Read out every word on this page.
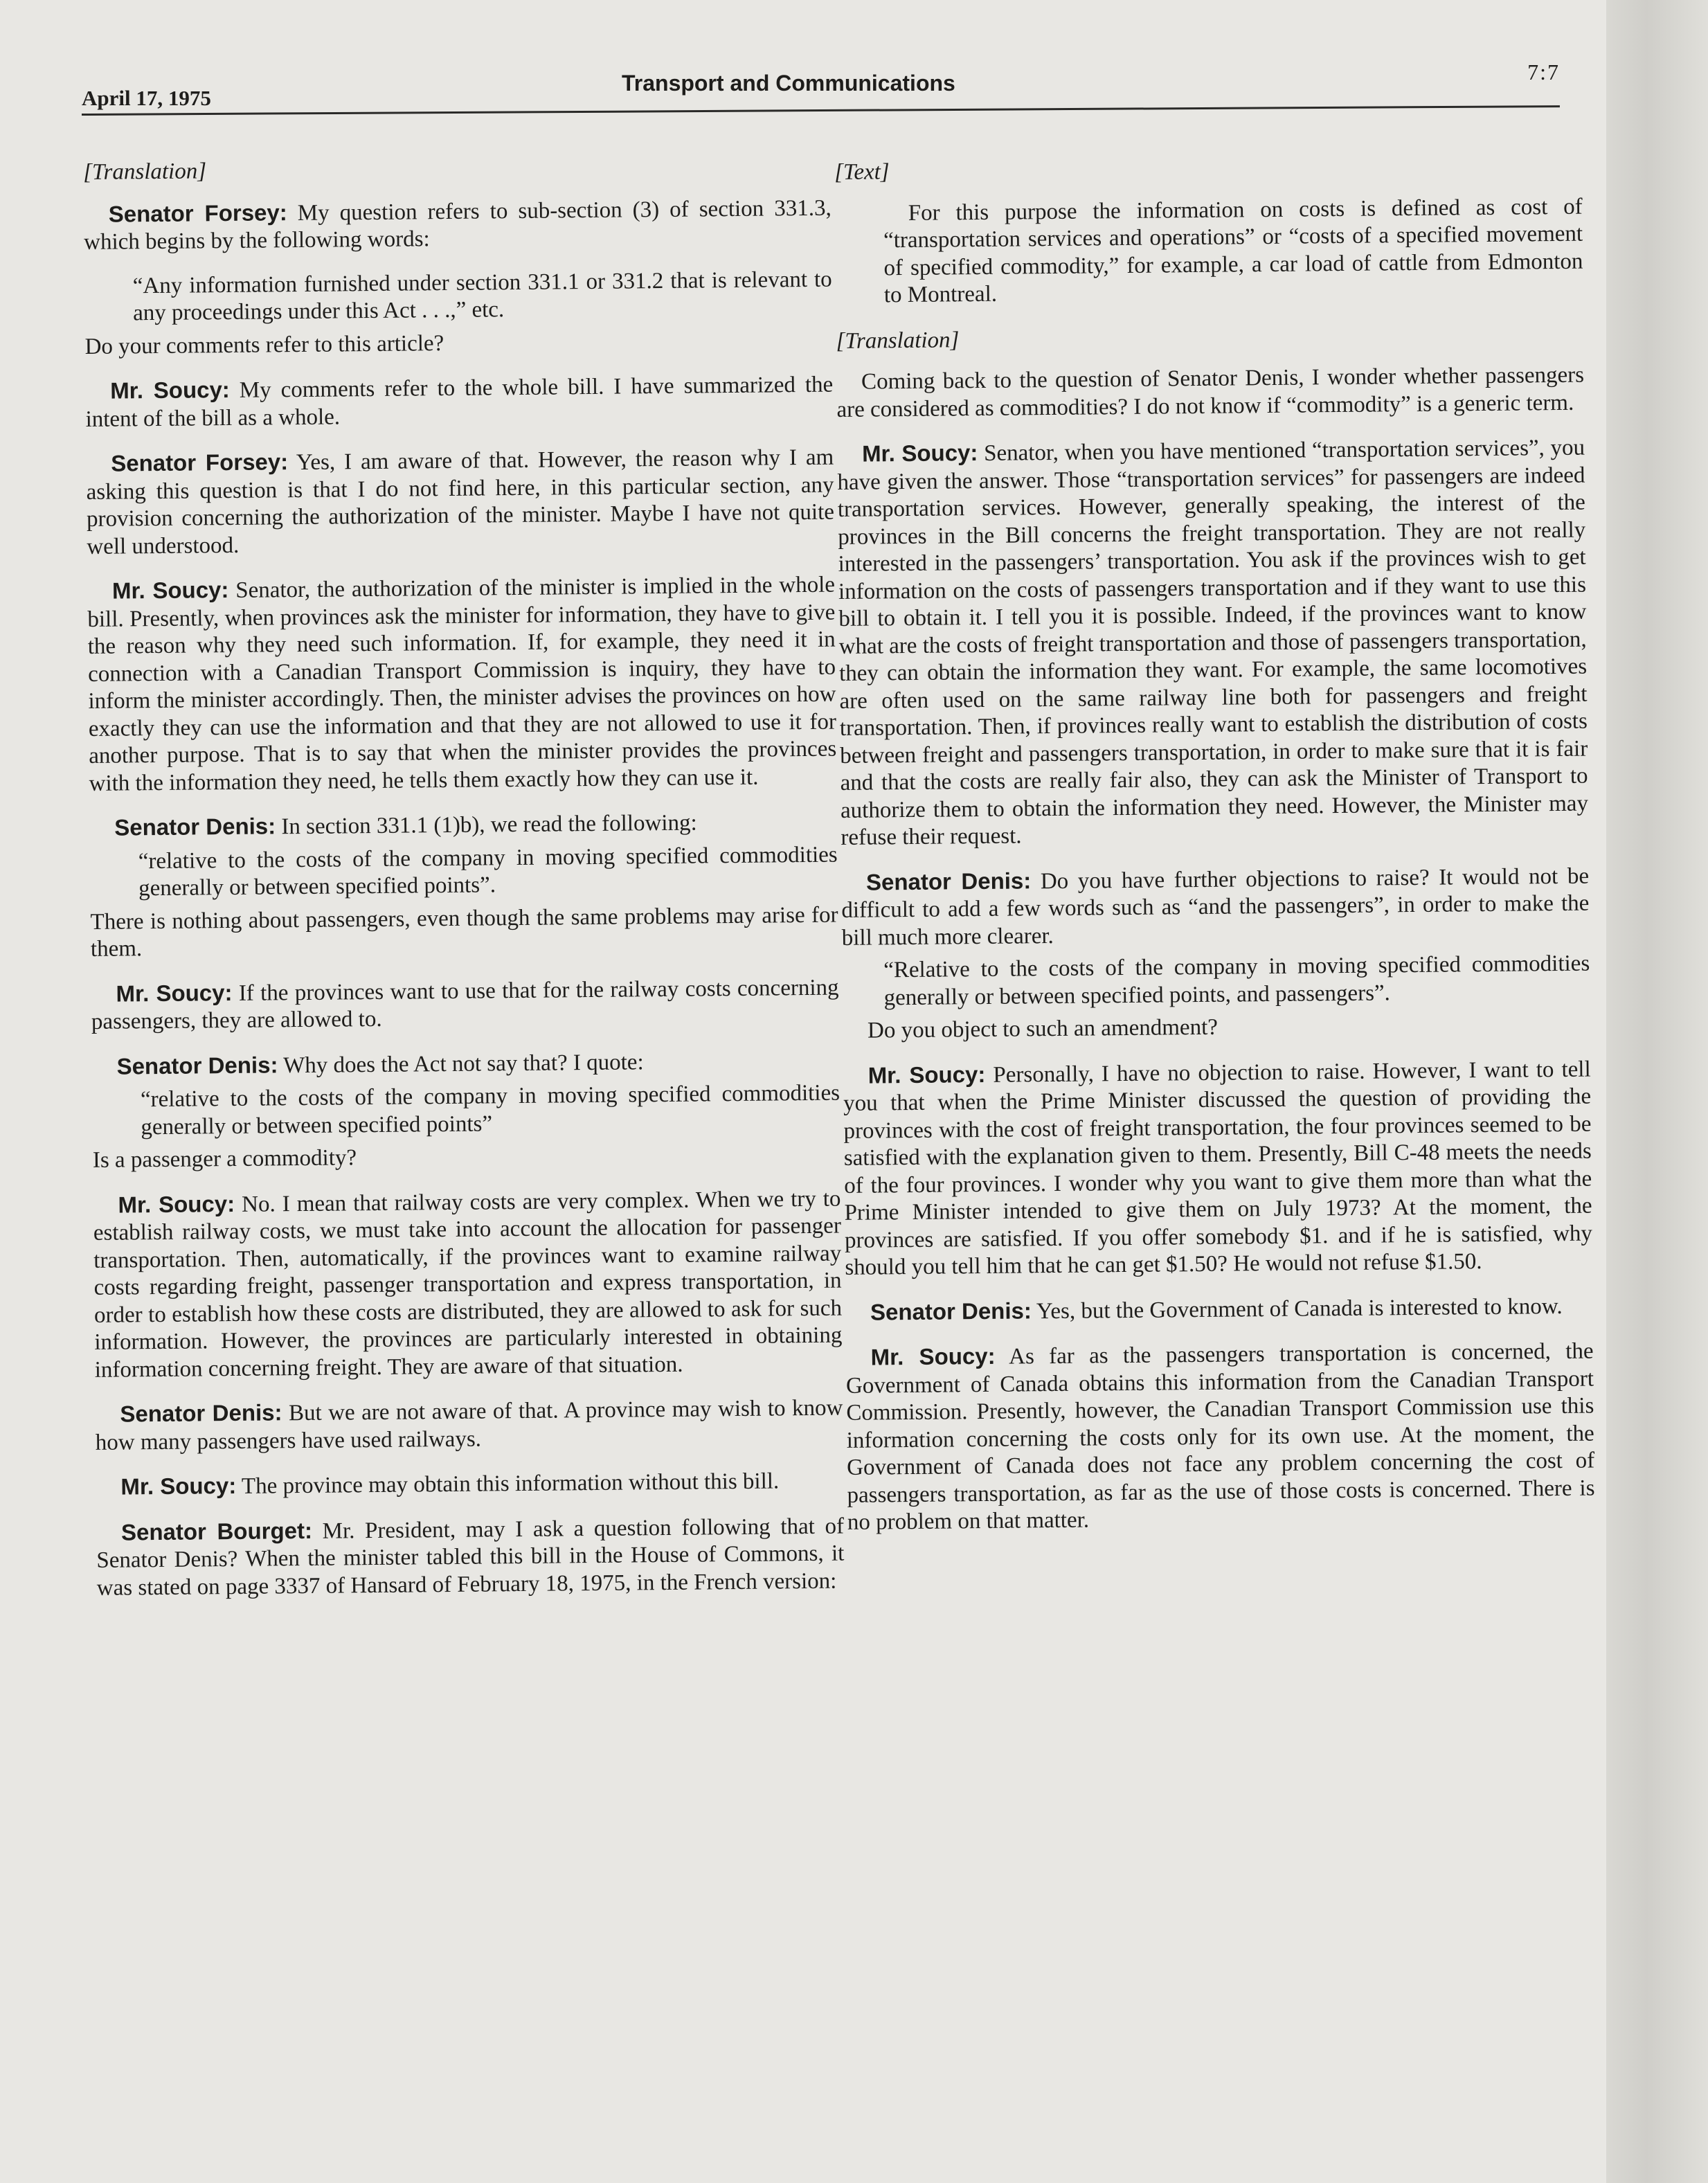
April 17, 1975
Transport and Communications	7:7
[Translation]

Senator Forsey: My question refers to sub-section (3) of section 331.3, which begins by the following words:

“Any information furnished under section 331.1 or 331.2 that is relevant to any proceedings under this Act . . .,” etc.

Do your comments refer to this article?

Mr. Soucy: My comments refer to the whole bill. I have summarized the intent of the bill as a whole.

Senator Forsey: Yes, I am aware of that. However, the reason why I am asking this question is that I do not find here, in this particular section, any provision concerning the authorization of the minister. Maybe I have not quite well understood.

Mr. Soucy: Senator, the authorization of the minister is implied in the whole bill. Presently, when provinces ask the minister for information, they have to give the reason why they need such information. If, for example, they need it in connection with a Canadian Transport Commission is inquiry, they have to inform the minister accordingly. Then, the minister advises the provinces on how exactly they can use the information and that they are not allowed to use it for another purpose. That is to say that when the minister provides the provinces with the information they need, he tells them exactly how they can use it.

Senator Denis: In section 331.1 (1)b), we read the following:

“relative to the costs of the company in moving specified commodities generally or between specified points”.

There is nothing about passengers, even though the same problems may arise for them.

Mr. Soucy: If the provinces want to use that for the railway costs concerning passengers, they are allowed to.

Senator Denis: Why does the Act not say that? I quote:

“relative to the costs of the company in moving specified commodities generally or between specified points”

Is a passenger a commodity?

Mr. Soucy: No. I mean that railway costs are very complex. When we try to establish railway costs, we must take into account the allocation for passenger transportation. Then, automatically, if the provinces want to examine railway costs regarding freight, passenger transportation and express transportation, in order to establish how these costs are distributed, they are allowed to ask for such information. However, the provinces are particularly interested in obtaining information concerning freight. They are aware of that situation.

Senator Denis: But we are not aware of that. A province may wish to know how many passengers have used railways.

Mr. Soucy: The province may obtain this information without this bill.

Senator Bourget: Mr. President, may I ask a question following that of Senator Denis? When the minister tabled this bill in the House of Commons, it was stated on page 3337 of Hansard of February 18, 1975, in the French version:

[Text]

For this purpose the information on costs is defined as cost of “transportation services and operations” or “costs of a specified movement of specified commodity,” for example, a car load of cattle from Edmonton to Montreal.

[Translation]

Coming back to the question of Senator Denis, I wonder whether passengers are considered as commodities? I do not know if “commodity” is a generic term.

Mr. Soucy: Senator, when you have mentioned “transportation services”, you have given the answer. Those “transportation services” for passengers are indeed transportation services. However, generally speaking, the interest of the provinces in the Bill concerns the freight transportation. They are not really interested in the passengers’ transportation. You ask if the provinces wish to get information on the costs of passengers transportation and if they want to use this bill to obtain it. I tell you it is possible. Indeed, if the provinces want to know what are the costs of freight transportation and those of passengers transportation, they can obtain the information they want. For example, the same locomotives are often used on the same railway line both for passengers and freight transportation. Then, if provinces really want to establish the distribution of costs between freight and passengers transportation, in order to make sure that it is fair and that the costs are really fair also, they can ask the Minister of Transport to authorize them to obtain the information they need. However, the Minister may refuse their request.

Senator Denis: Do you have further objections to raise? It would not be difficult to add a few words such as “and the passengers”, in order to make the bill much more clearer.

“Relative to the costs of the company in moving specified commodities generally or between specified points, and passengers”.

Do you object to such an amendment?

Mr. Soucy: Personally, I have no objection to raise. However, I want to tell you that when the Prime Minister discussed the question of providing the provinces with the cost of freight transportation, the four provinces seemed to be satisfied with the explanation given to them. Presently, Bill C-48 meets the needs of the four provinces. I wonder why you want to give them more than what the Prime Minister intended to give them on July 1973? At the moment, the provinces are satisfied. If you offer somebody $1. and if he is satisfied, why should you tell him that he can get $1.50? He would not refuse $1.50.

Senator Denis: Yes, but the Government of Canada is interested to know.

Mr. Soucy: As far as the passengers transportation is concerned, the Government of Canada obtains this information from the Canadian Transport Commission. Presently, however, the Canadian Transport Commission use this information concerning the costs only for its own use. At the moment, the Government of Canada does not face any problem concerning the cost of passengers transportation, as far as the use of those costs is concerned. There is no problem on that matter.
